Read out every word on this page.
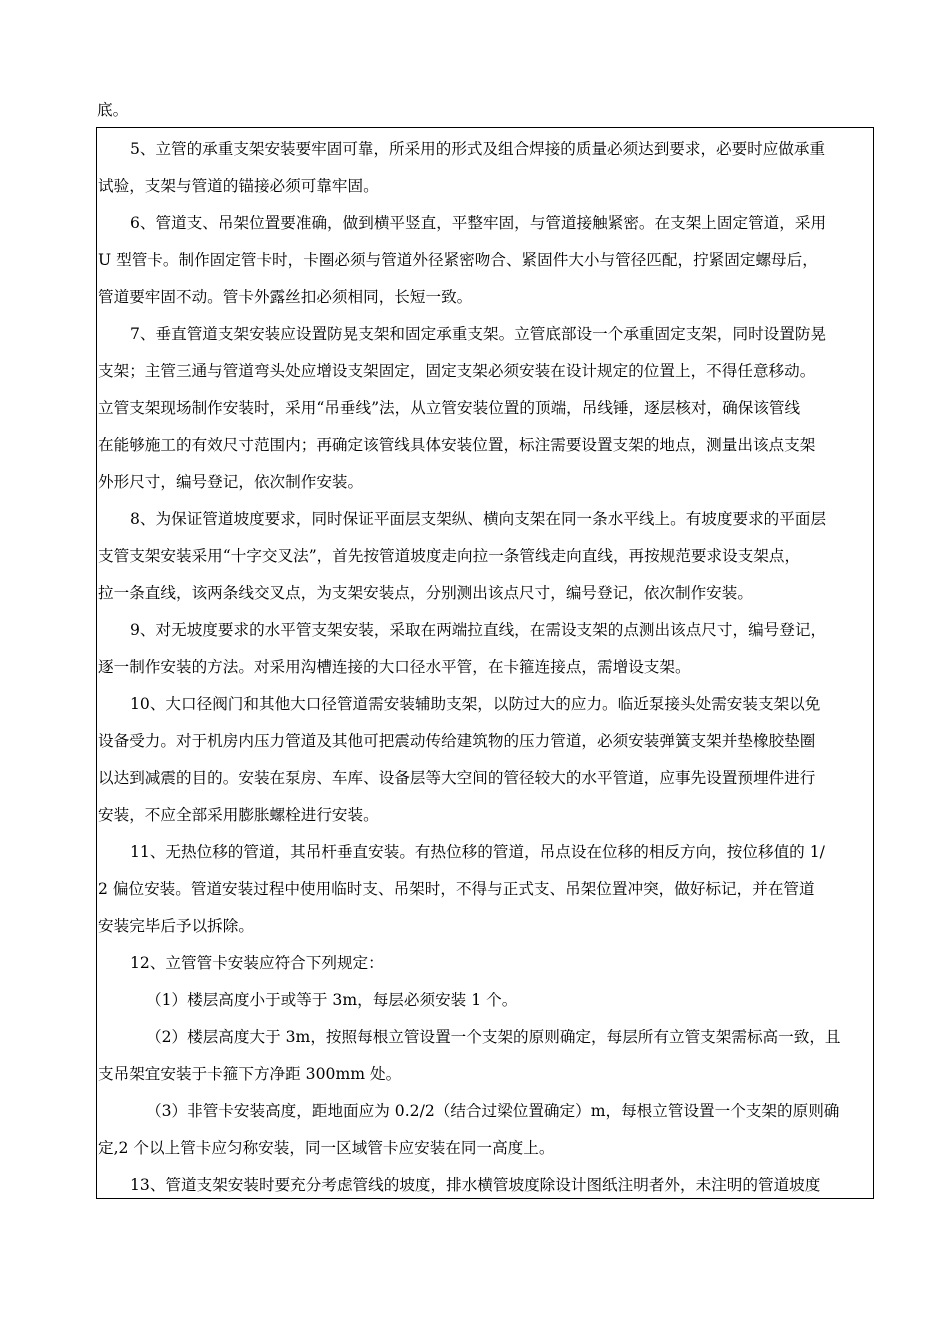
底。
5、立管的承重支架安装要牢固可靠，所采用的形式及组合焊接的质量必须达到要求，必要时应做承重
试验，支架与管道的锚接必须可靠牢固。
6、管道支、吊架位置要准确，做到横平竖直，平整牢固，与管道接触紧密。在支架上固定管道，采用
U 型管卡。制作固定管卡时，卡圈必须与管道外径紧密吻合、紧固件大小与管径匹配，拧紧固定螺母后，
管道要牢固不动。管卡外露丝扣必须相同，长短一致。
7、垂直管道支架安装应设置防晃支架和固定承重支架。立管底部设一个承重固定支架，同时设置防晃
支架；主管三通与管道弯头处应增设支架固定，固定支架必须安装在设计规定的位置上，不得任意移动。
立管支架现场制作安装时，采用“吊垂线”法，从立管安装位置的顶端，吊线锤，逐层核对，确保该管线
在能够施工的有效尺寸范围内；再确定该管线具体安装位置，标注需要设置支架的地点，测量出该点支架
外形尺寸，编号登记，依次制作安装。
8、为保证管道坡度要求，同时保证平面层支架纵、横向支架在同一条水平线上。有坡度要求的平面层
支管支架安装采用“十字交叉法”，首先按管道坡度走向拉一条管线走向直线，再按规范要求设支架点，
拉一条直线，该两条线交叉点，为支架安装点，分别测出该点尺寸，编号登记，依次制作安装。
9、对无坡度要求的水平管支架安装，采取在两端拉直线，在需设支架的点测出该点尺寸，编号登记，
逐一制作安装的方法。对采用沟槽连接的大口径水平管，在卡箍连接点，需增设支架。
10、大口径阀门和其他大口径管道需安装辅助支架，以防过大的应力。临近泵接头处需安装支架以免
设备受力。对于机房内压力管道及其他可把震动传给建筑物的压力管道，必须安装弹簧支架并垫橡胶垫圈
以达到减震的目的。安装在泵房、车库、设备层等大空间的管径较大的水平管道，应事先设置预埋件进行
安装，不应全部采用膨胀螺栓进行安装。
11、无热位移的管道，其吊杆垂直安装。有热位移的管道，吊点设在位移的相反方向，按位移值的 1/
2 偏位安装。管道安装过程中使用临时支、吊架时，不得与正式支、吊架位置冲突，做好标记，并在管道
安装完毕后予以拆除。
12、立管管卡安装应符合下列规定：
（1）楼层高度小于或等于 3m，每层必须安装 1 个。
（2）楼层高度大于 3m，按照每根立管设置一个支架的原则确定，每层所有立管支架需标高一致，且
支吊架宜安装于卡箍下方净距 300mm 处。
（3）非管卡安装高度，距地面应为 0.2/2（结合过梁位置确定）m，每根立管设置一个支架的原则确
定,2 个以上管卡应匀称安装，同一区域管卡应安装在同一高度上。
13、管道支架安装时要充分考虑管线的坡度，排水横管坡度除设计图纸注明者外，未注明的管道坡度
